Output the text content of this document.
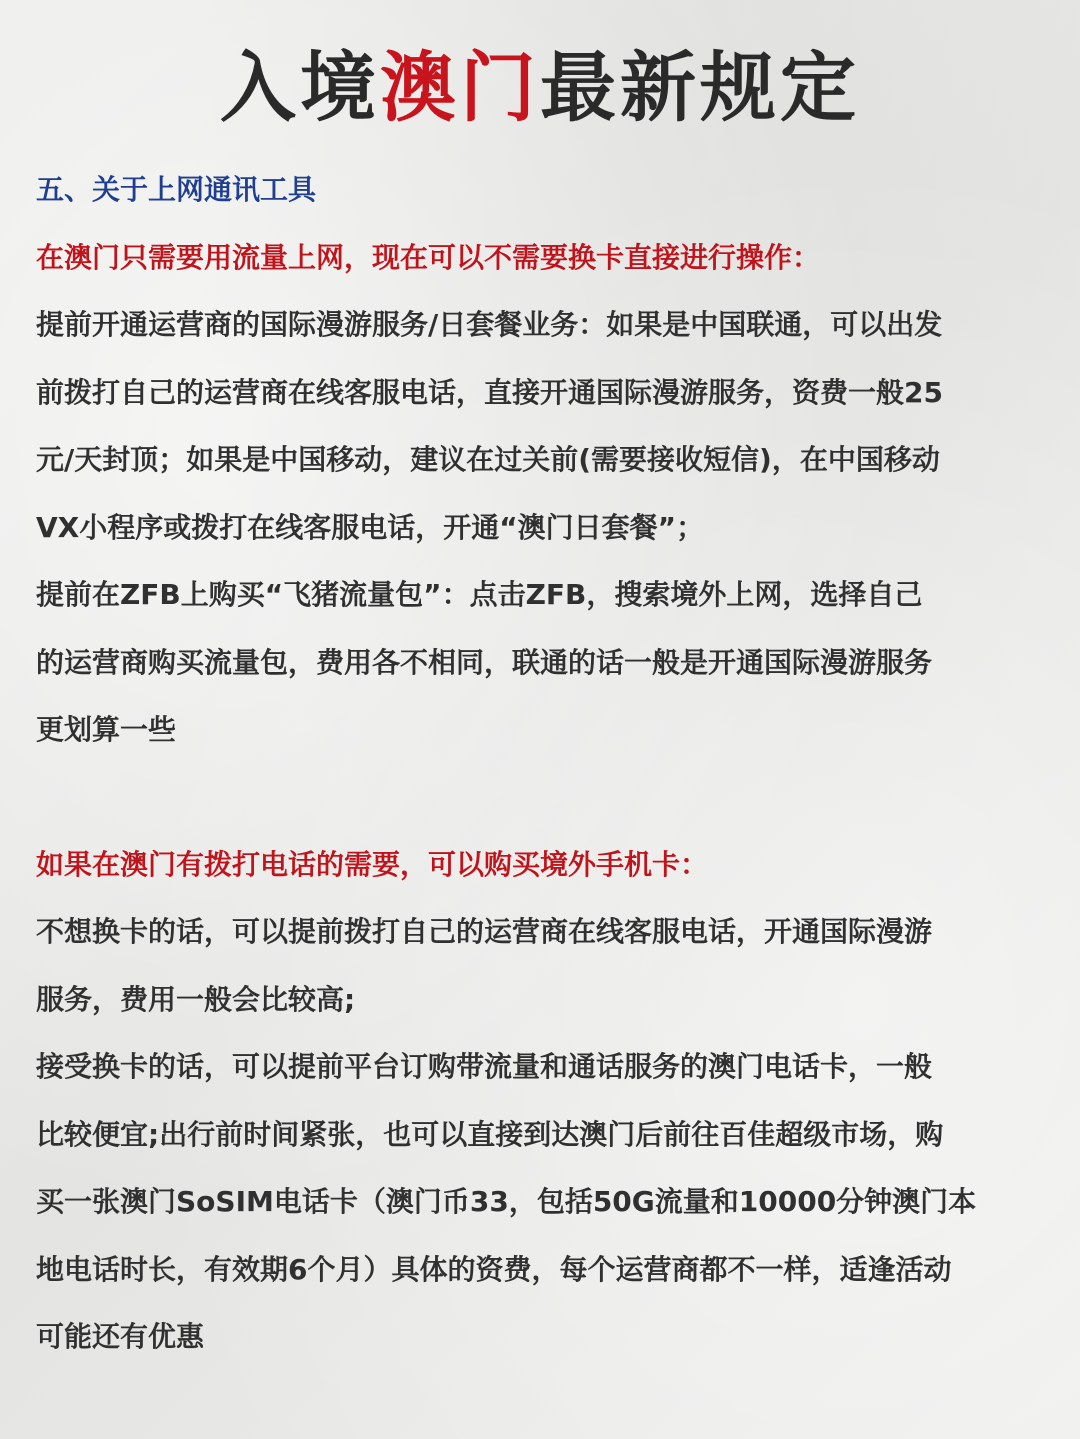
入境澳门最新规定
五、关于上网通讯工具
在澳门只需要用流量上网，现在可以不需要换卡直接进行操作：
提前开通运营商的国际漫游服务/日套餐业务：如果是中国联通，可以出发
前拨打自己的运营商在线客服电话，直接开通国际漫游服务，资费一般25
元/天封顶；如果是中国移动，建议在过关前(需要接收短信)，在中国移动
VX小程序或拨打在线客服电话，开通“澳门日套餐”；
提前在ZFB上购买“飞猪流量包”：点击ZFB，搜索境外上网，选择自己
的运营商购买流量包，费用各不相同，联通的话一般是开通国际漫游服务
更划算一些
如果在澳门有拨打电话的需要，可以购买境外手机卡：
不想换卡的话，可以提前拨打自己的运营商在线客服电话，开通国际漫游
服务，费用一般会比较高;
接受换卡的话，可以提前平台订购带流量和通话服务的澳门电话卡，一般
比较便宜;出行前时间紧张，也可以直接到达澳门后前往百佳超级市场，购
买一张澳门SoSIM电话卡（澳门币33，包括50G流量和10000分钟澳门本
地电话时长，有效期6个月）具体的资费，每个运营商都不一样，适逢活动
可能还有优惠
